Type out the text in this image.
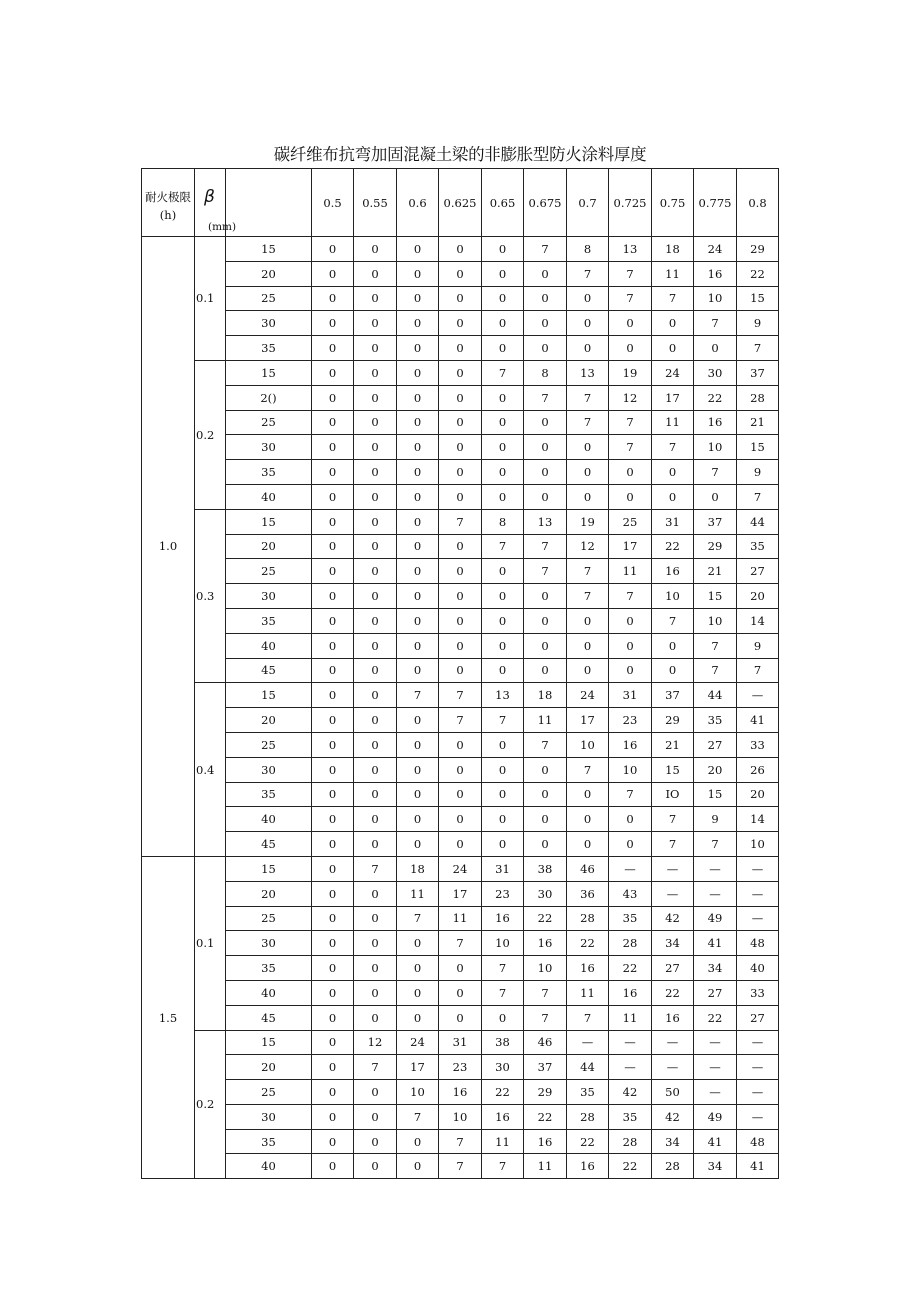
碳纤维布抗弯加固混凝土梁的非膨胀型防火涂料厚度
耐火极限(h)	β	(mm)	0.5	0.55	0.6	0.625	0.65	0.675	0.7	0.725	0.75	0.775	0.8
1.0	0.1	15	0	0	0	0	0	7	8	13	18	24	29
		20	0	0	0	0	0	0	7	7	11	16	22
		25	0	0	0	0	0	0	0	7	7	10	15
		30	0	0	0	0	0	0	0	0	0	7	9
		35	0	0	0	0	0	0	0	0	0	0	7
	0.2	15	0	0	0	0	7	8	13	19	24	30	37
		2()	0	0	0	0	0	7	7	12	17	22	28
		25	0	0	0	0	0	0	7	7	11	16	21
		30	0	0	0	0	0	0	0	7	7	10	15
		35	0	0	0	0	0	0	0	0	0	7	9
		40	0	0	0	0	0	0	0	0	0	0	7
	0.3	15	0	0	0	7	8	13	19	25	31	37	44
		20	0	0	0	0	7	7	12	17	22	29	35
		25	0	0	0	0	0	7	7	11	16	21	27
		30	0	0	0	0	0	0	7	7	10	15	20
		35	0	0	0	0	0	0	0	0	7	10	14
		40	0	0	0	0	0	0	0	0	0	7	9
		45	0	0	0	0	0	0	0	0	0	7	7
	0.4	15	0	0	7	7	13	18	24	31	37	44	—
		20	0	0	0	7	7	11	17	23	29	35	41
		25	0	0	0	0	0	7	10	16	21	27	33
		30	0	0	0	0	0	0	7	10	15	20	26
		35	0	0	0	0	0	0	0	7	IO	15	20
		40	0	0	0	0	0	0	0	0	7	9	14
		45	0	0	0	0	0	0	0	0	7	7	10
1.5	0.1	15	0	7	18	24	31	38	46	—	—	—	—
		20	0	0	11	17	23	30	36	43	—	—	—
		25	0	0	7	11	16	22	28	35	42	49	—
		30	0	0	0	7	10	16	22	28	34	41	48
		35	0	0	0	0	7	10	16	22	27	34	40
		40	0	0	0	0	7	7	11	16	22	27	33
		45	0	0	0	0	0	7	7	11	16	22	27
	0.2	15	0	12	24	31	38	46	—	—	—	—	—
		20	0	7	17	23	30	37	44	—	—	—	—
		25	0	0	10	16	22	29	35	42	50	—	—
		30	0	0	7	10	16	22	28	35	42	49	—
		35	0	0	0	7	11	16	22	28	34	41	48
		40	0	0	0	7	7	11	16	22	28	34	41
